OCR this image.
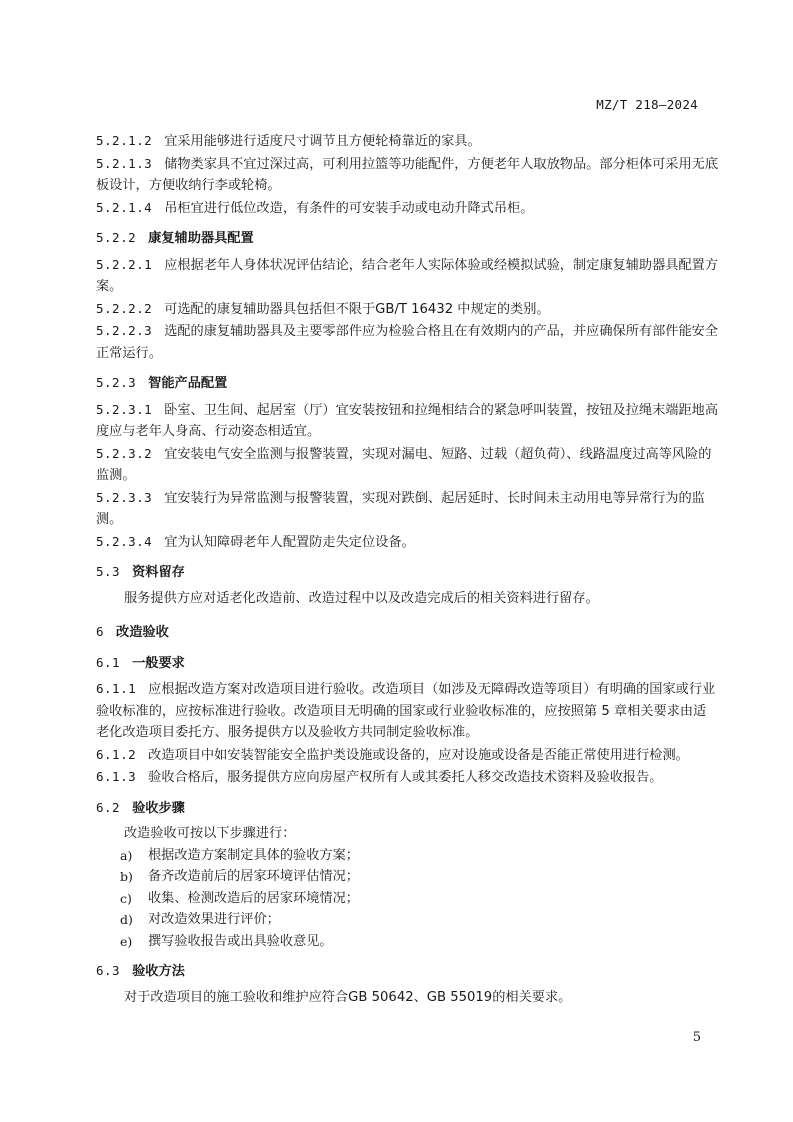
MZ/T 218—2024

5.2.1.2 宜采用能够进行适度尺寸调节且方便轮椅靠近的家具。

5.2.1.3 储物类家具不宜过深过高，可利用拉篮等功能配件，方便老年人取放物品。部分柜体可采用无底板设计，方便收纳行李或轮椅。

5.2.1.4 吊柜宜进行低位改造，有条件的可安装手动或电动升降式吊柜。

5.2.2 康复辅助器具配置

5.2.2.1 应根据老年人身体状况评估结论，结合老年人实际体验或经模拟试验，制定康复辅助器具配置方案。

5.2.2.2 可选配的康复辅助器具包括但不限于GB/T 16432 中规定的类别。

5.2.2.3 选配的康复辅助器具及主要零部件应为检验合格且在有效期内的产品，并应确保所有部件能安全正常运行。

5.2.3 智能产品配置

5.2.3.1 卧室、卫生间、起居室（厅）宜安装按钮和拉绳相结合的紧急呼叫装置，按钮及拉绳末端距地高度应与老年人身高、行动姿态相适宜。

5.2.3.2 宜安装电气安全监测与报警装置，实现对漏电、短路、过载（超负荷）、线路温度过高等风险的监测。

5.2.3.3 宜安装行为异常监测与报警装置，实现对跌倒、起居延时、长时间未主动用电等异常行为的监测。

5.2.3.4 宜为认知障碍老年人配置防走失定位设备。

5.3 资料留存

服务提供方应对适老化改造前、改造过程中以及改造完成后的相关资料进行留存。

6 改造验收

6.1 一般要求

6.1.1 应根据改造方案对改造项目进行验收。改造项目（如涉及无障碍改造等项目）有明确的国家或行业验收标准的，应按标准进行验收。改造项目无明确的国家或行业验收标准的，应按照第 5 章相关要求由适老化改造项目委托方、服务提供方以及验收方共同制定验收标准。

6.1.2 改造项目中如安装智能安全监护类设施或设备的，应对设施或设备是否能正常使用进行检测。

6.1.3 验收合格后，服务提供方应向房屋产权所有人或其委托人移交改造技术资料及验收报告。

6.2 验收步骤

改造验收可按以下步骤进行：

a)	根据改造方案制定具体的验收方案；
b)	备齐改造前后的居家环境评估情况；
c)	收集、检测改造后的居家环境情况；
d)	对改造效果进行评价；
e)	撰写验收报告或出具验收意见。

6.3 验收方法

对于改造项目的施工验收和维护应符合GB 50642、GB 55019的相关要求。

5
